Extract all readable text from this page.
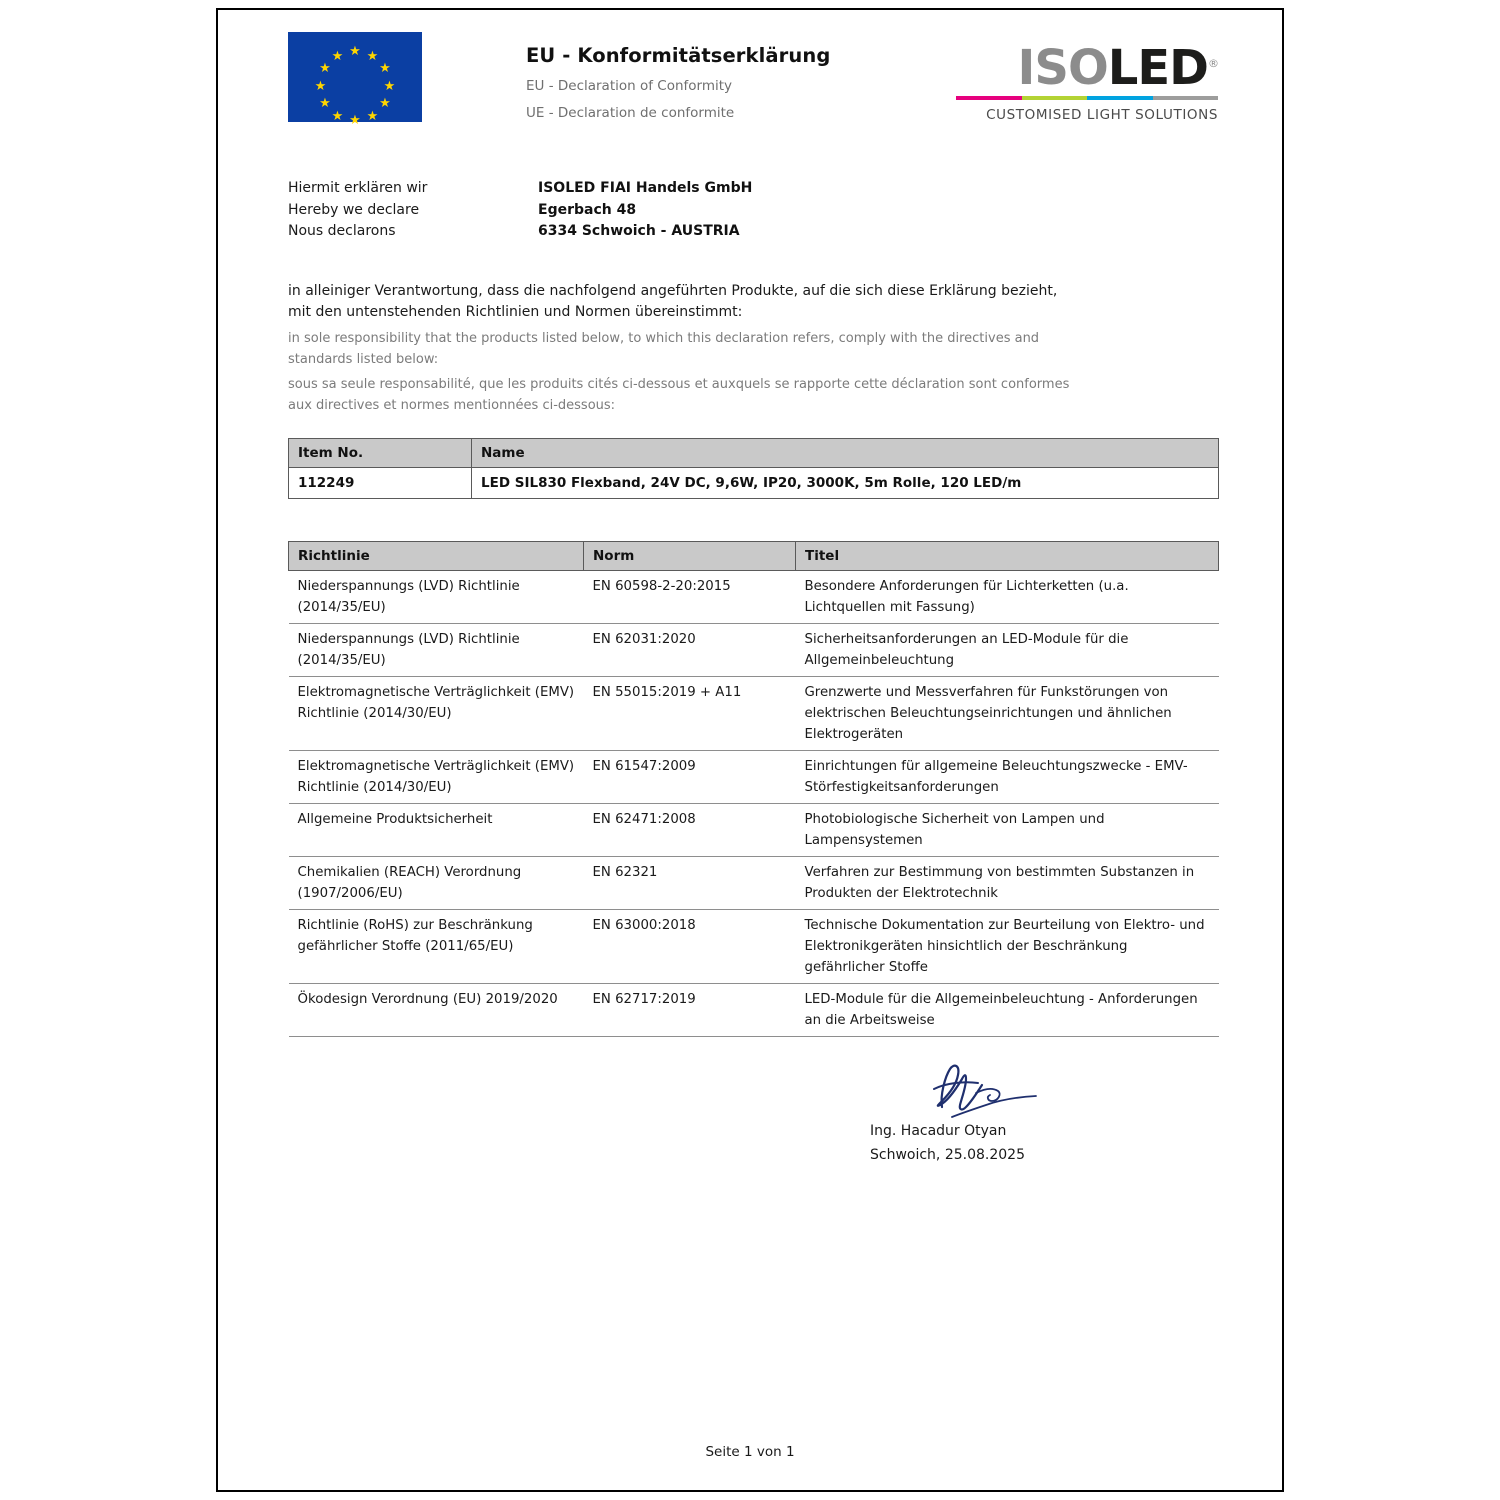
★ ★
★
★
★
★
★
★
★
★
★
★	EU - Konformitätserklärung
EU - Declaration of Conformity
UE - Declaration de conformite
ISOLED®
CUSTOMISED LIGHT SOLUTIONS
Hiermit erklären wir
Hereby we declare
Nous declarons
ISOLED FIAI Handels GmbH
Egerbach 48
6334 Schwoich - AUSTRIA
in alleiniger Verantwortung, dass die nachfolgend angeführten Produkte, auf die sich diese Erklärung bezieht, mit den untenstehenden Richtlinien und Normen übereinstimmt:
in sole responsibility that the products listed below, to which this declaration refers, comply with the directives and standards listed below:
sous sa seule responsabilité, que les produits cités ci-dessous et auxquels se rapporte cette déclaration sont conformes aux directives et normes mentionnées ci-dessous:
Item No.	Name
112249	LED SIL830 Flexband, 24V DC, 9,6W, IP20, 3000K, 5m Rolle, 120 LED/m
Richtlinie	Norm	Titel
Niederspannungs (LVD) Richtlinie (2014/35/EU)	EN 60598-2-20:2015	Besondere Anforderungen für Lichterketten (u.a. Lichtquellen mit Fassung)
Niederspannungs (LVD) Richtlinie (2014/35/EU)	EN 62031:2020	Sicherheitsanforderungen an LED-Module für die Allgemeinbeleuchtung
Elektromagnetische Verträglichkeit (EMV) Richtlinie (2014/30/EU)	EN 55015:2019 + A11	Grenzwerte und Messverfahren für Funkstörungen von elektrischen Beleuchtungseinrichtungen und ähnlichen Elektrogeräten
Elektromagnetische Verträglichkeit (EMV) Richtlinie (2014/30/EU)	EN 61547:2009	Einrichtungen für allgemeine Beleuchtungszwecke - EMV-Störfestigkeitsanforderungen
Allgemeine Produktsicherheit	EN 62471:2008	Photobiologische Sicherheit von Lampen und Lampensystemen
Chemikalien (REACH) Verordnung (1907/2006/EU)	EN 62321	Verfahren zur Bestimmung von bestimmten Substanzen in Produkten der Elektrotechnik
Richtlinie (RoHS) zur Beschränkung gefährlicher Stoffe (2011/65/EU)	EN 63000:2018	Technische Dokumentation zur Beurteilung von Elektro- und Elektronikgeräten hinsichtlich der Beschränkung gefährlicher Stoffe
Ökodesign Verordnung (EU) 2019/2020	EN 62717:2019	LED-Module für die Allgemeinbeleuchtung - Anforderungen an die Arbeitsweise
Ing. Hacadur Otyan
Schwoich, 25.08.2025
Seite 1 von 1
